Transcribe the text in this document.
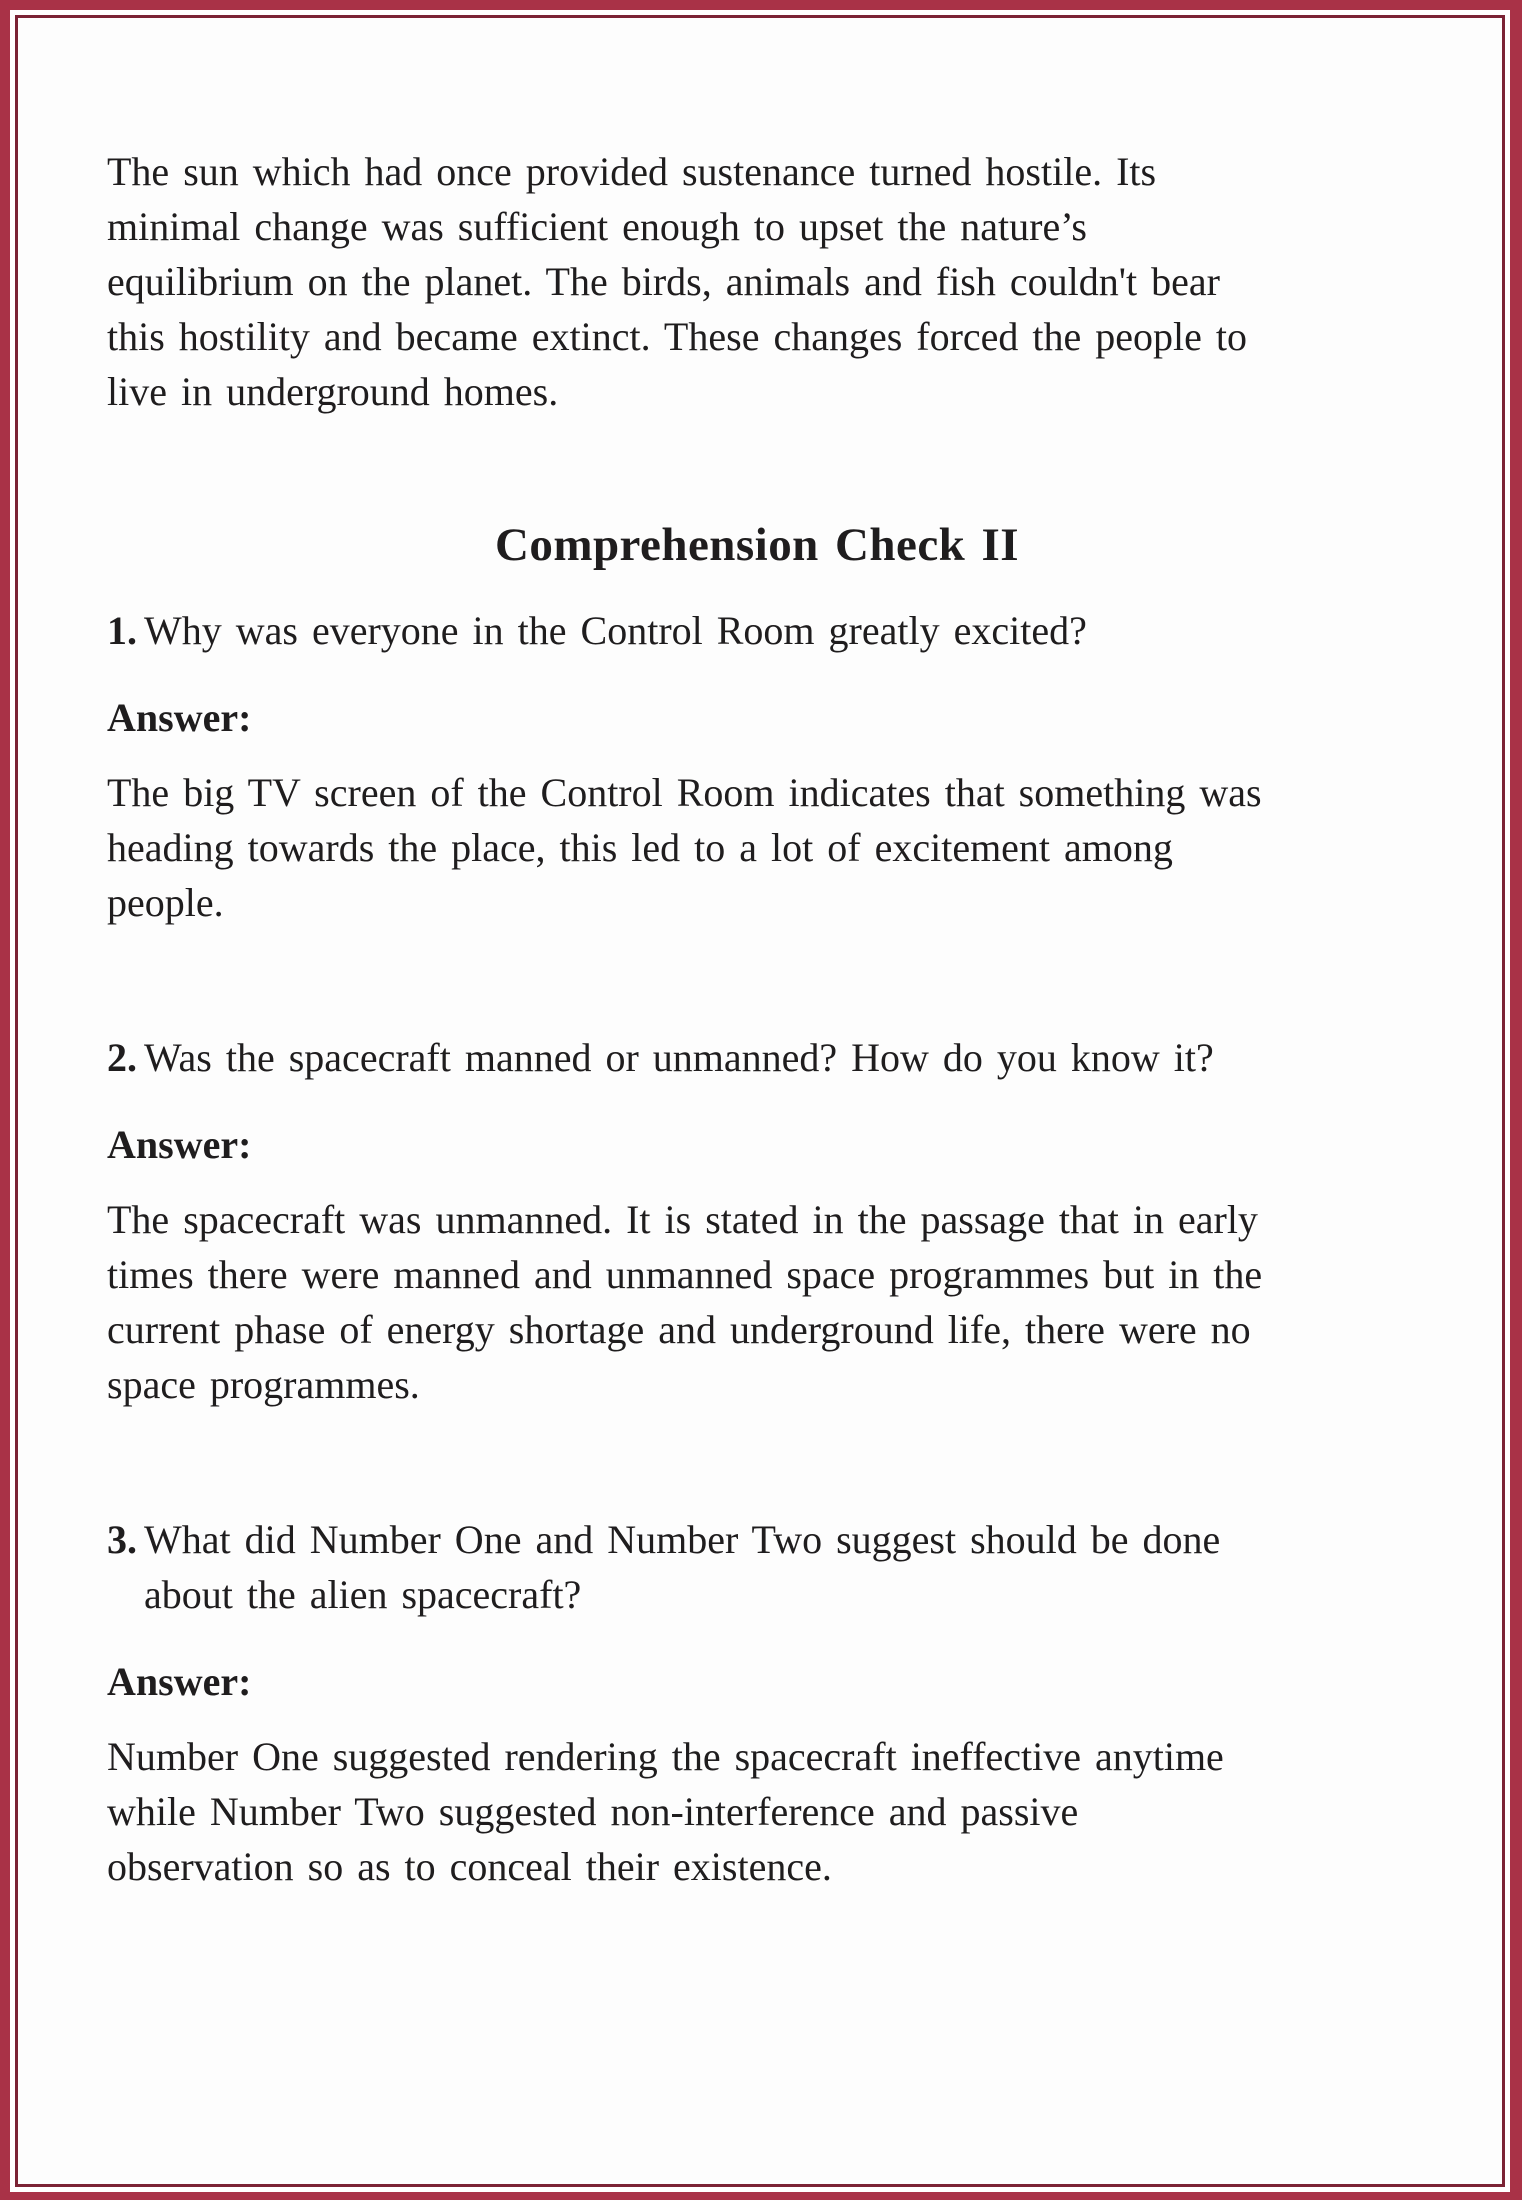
The sun which had once provided sustenance turned hostile. Its
minimal change was sufficient enough to upset the nature’s
equilibrium on the planet. The birds, animals and fish couldn't bear
this hostility and became extinct. These changes forced the people to
live in underground homes.
Comprehension Check II
1. Why was everyone in the Control Room greatly excited?
Answer:
The big TV screen of the Control Room indicates that something was
heading towards the place, this led to a lot of excitement among
people.
2. Was the spacecraft manned or unmanned? How do you know it?
Answer:
The spacecraft was unmanned. It is stated in the passage that in early
times there were manned and unmanned space programmes but in the
current phase of energy shortage and underground life, there were no
space programmes.
3. What did Number One and Number Two suggest should be done
about the alien spacecraft?
Answer:
Number One suggested rendering the spacecraft ineffective anytime
while Number Two suggested non-interference and passive
observation so as to conceal their existence.
